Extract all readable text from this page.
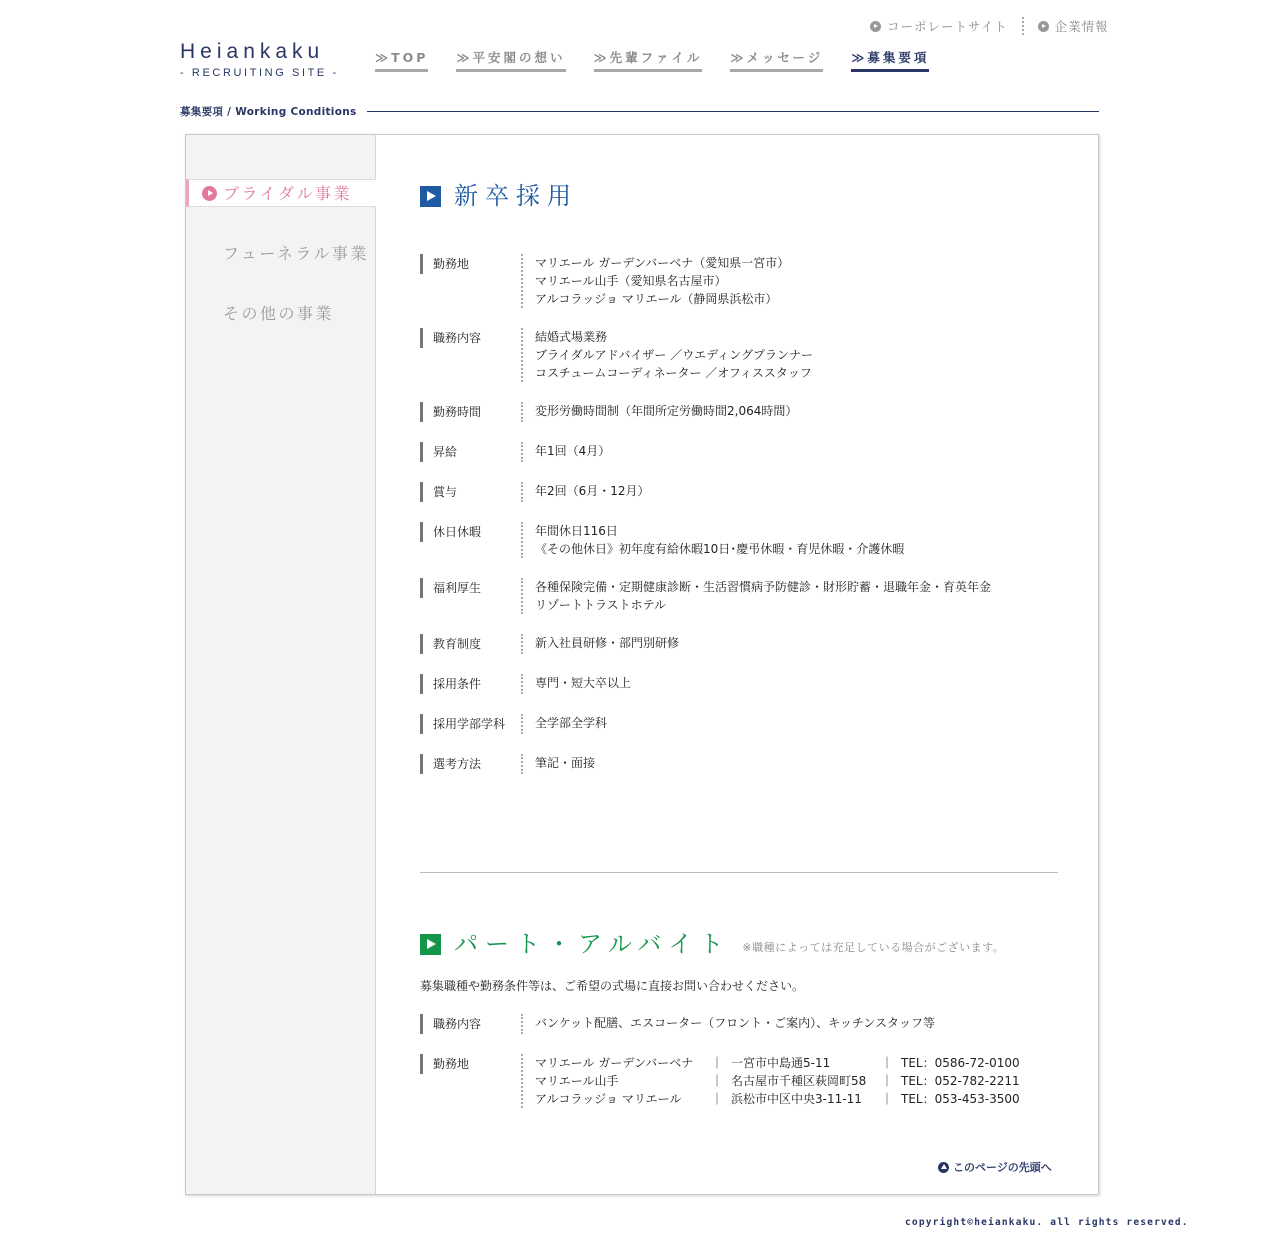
Heiankaku
- RECRUITING SITE -
コーポレートサイト	企業情報
≫ TOP ≫ 平安閣の想い ≫ 先輩ファイル ≫ メッセージ ≫ 募集要項
募集要項 / Working Conditions
ブライダル事業
フューネラル事業
その他の事業
新卒採用
勤務地	マリエール ガーデンバーベナ（愛知県一宮市）
マリエール山手（愛知県名古屋市）
アルコラッジョ マリエール（静岡県浜松市）
職務内容	結婚式場業務
ブライダルアドバイザー ／ウエディングプランナー
コスチュームコーディネーター ／オフィススタッフ
勤務時間	変形労働時間制（年間所定労働時間2,064時間）
昇給	年1回（4月）
賞与	年2回（6月・12月）
休日休暇	年間休日116日
《その他休日》初年度有給休暇10日･慶弔休暇・育児休暇・介護休暇
福利厚生	各種保険完備・定期健康診断・生活習慣病予防健診・財形貯蓄・退職年金・育英年金
リゾートトラストホテル
教育制度	新入社員研修・部門別研修
採用条件	専門・短大卒以上
採用学部学科	全学部全学科
選考方法	筆記・面接
パート・アルバイト ※職種によっては充足している場合がございます。
募集職種や勤務条件等は、ご希望の式場に直接お問い合わせください。
職務内容	バンケット配膳、エスコーター（フロント・ご案内）、キッチンスタッフ等
勤務地	マリエール ガーデンバーベナ	｜ 一宮市中島通5-11	｜ TEL：0586-72-0100
マリエール山手	｜ 名古屋市千種区萩岡町58	｜ TEL：052-782-2211
アルコラッジョ マリエール	｜ 浜松市中区中央3-11-11	｜ TEL：053-453-3500
このページの先頭へ
copyright©heiankaku. all rights reserved.
